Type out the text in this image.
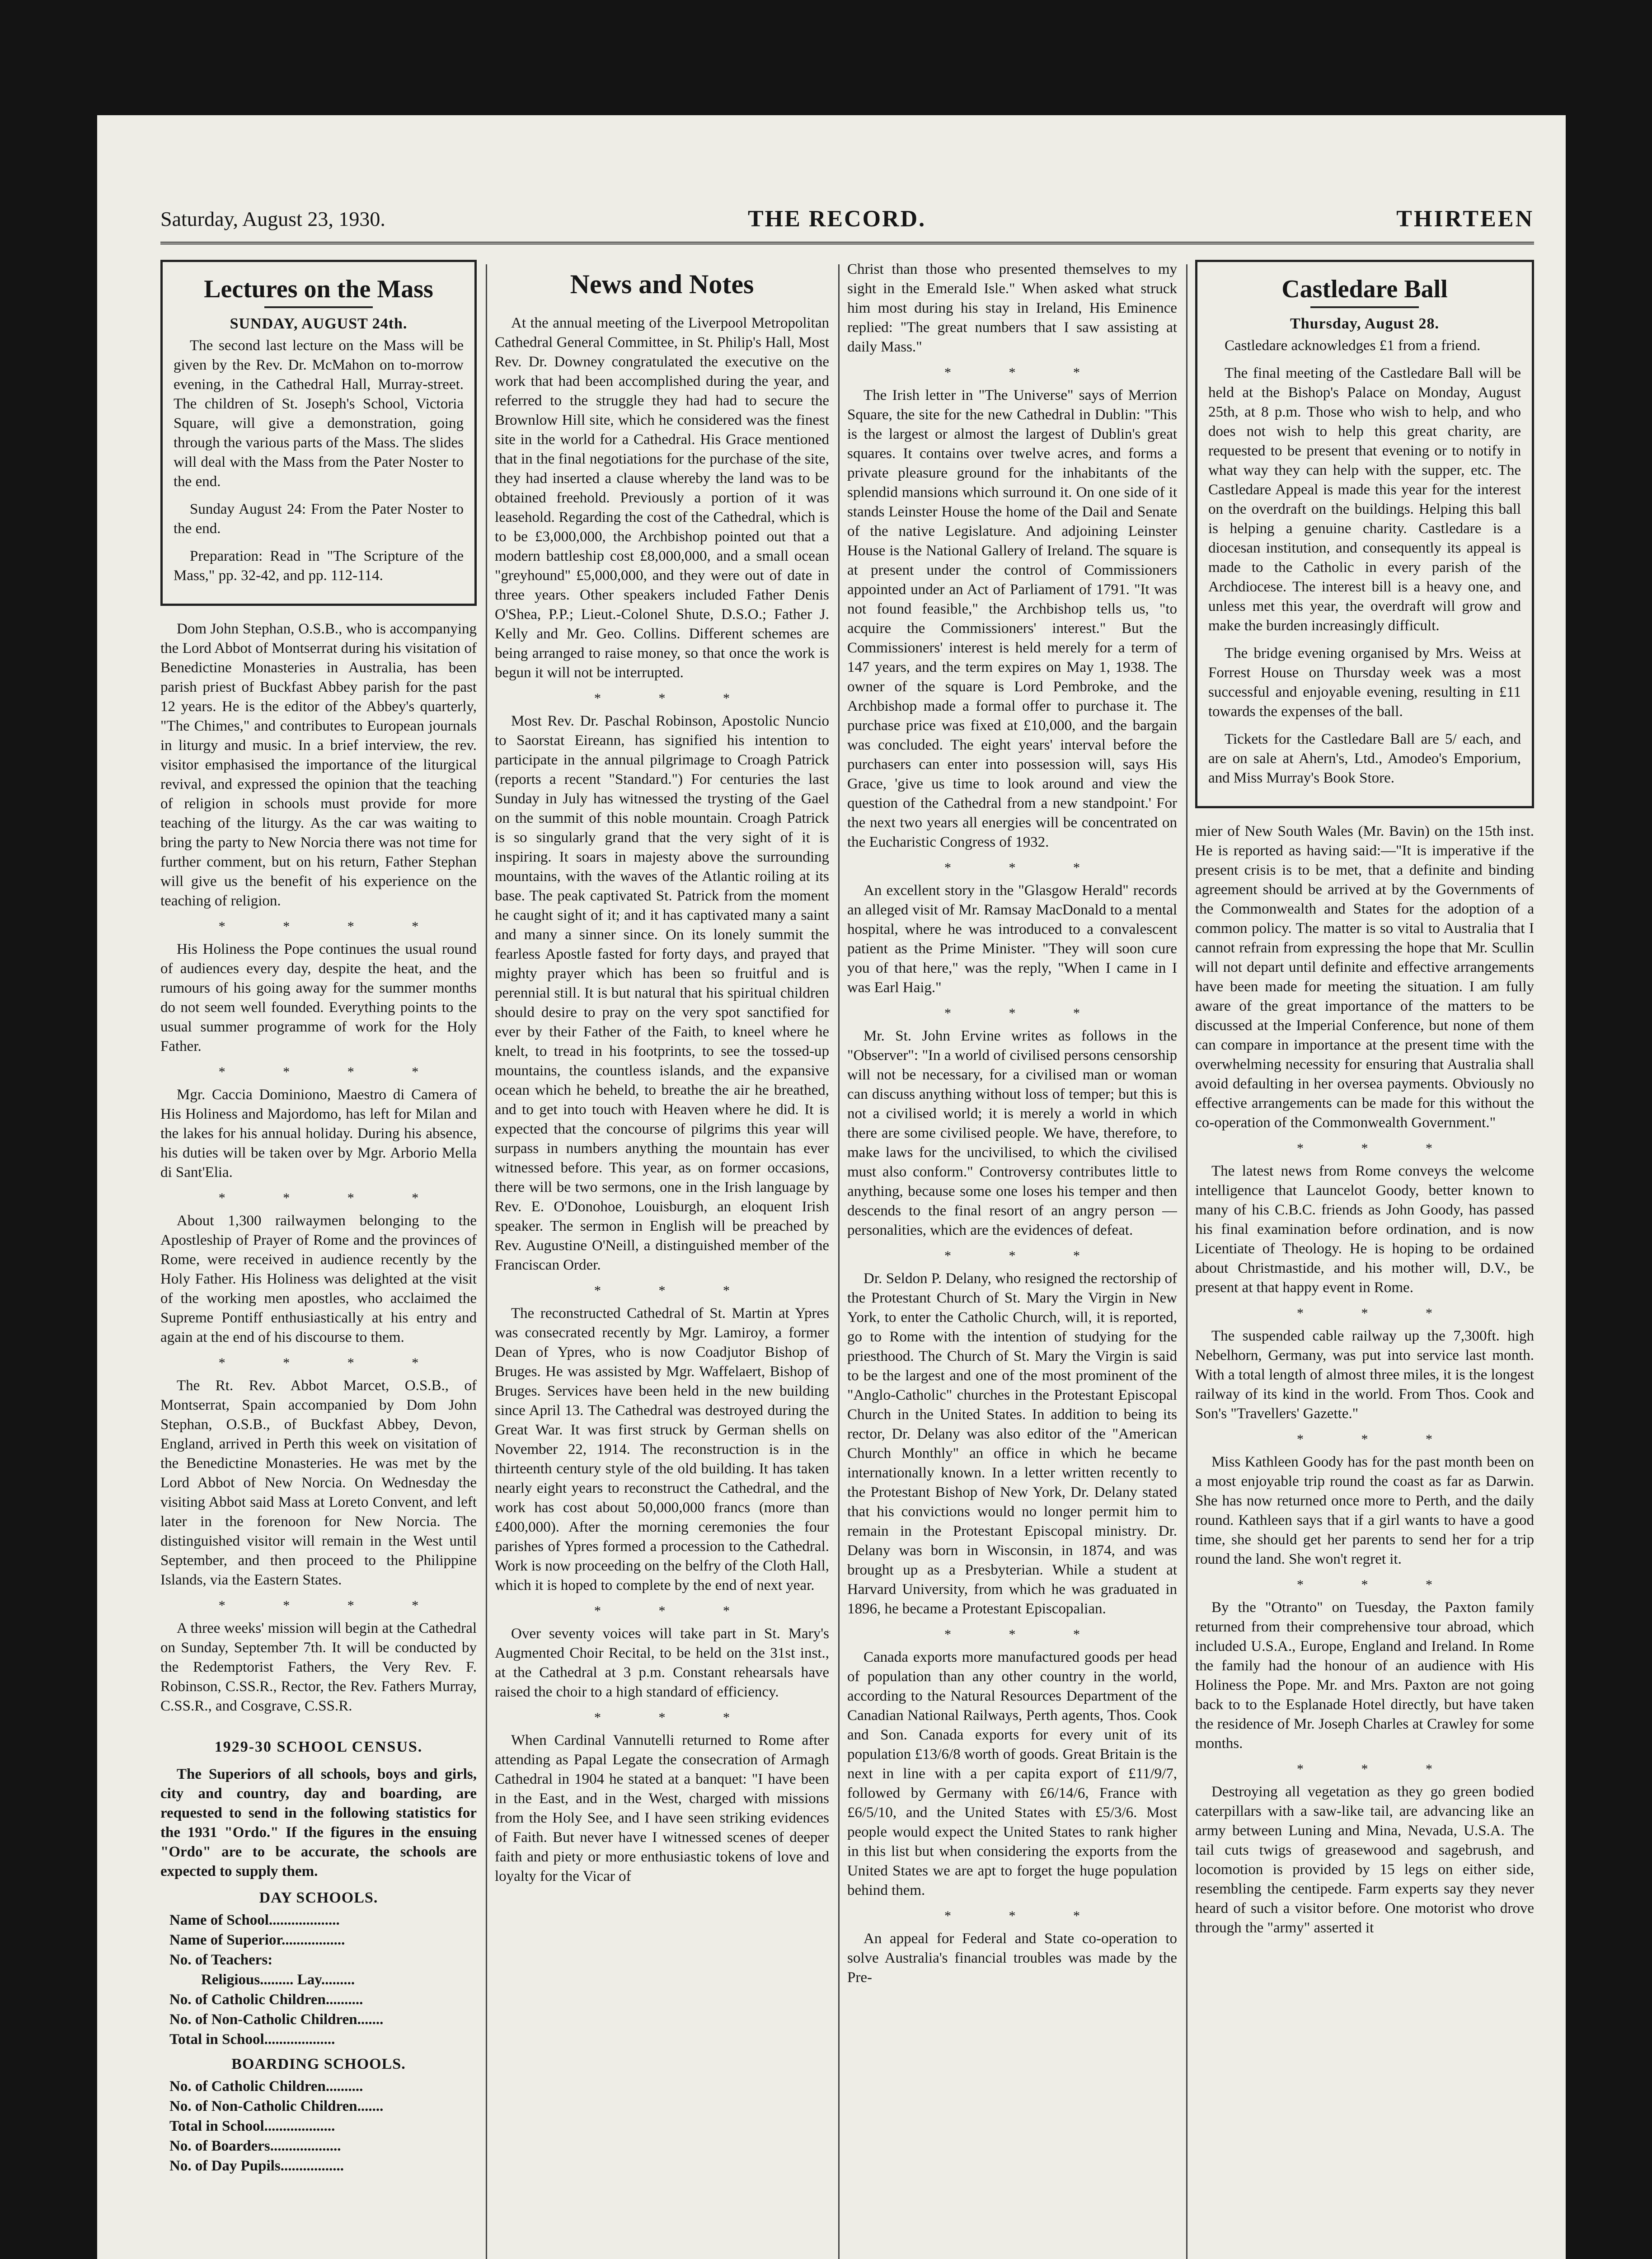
Saturday, August 23, 1930.	THE RECORD.	THIRTEEN
Lectures on the Mass
SUNDAY, AUGUST 24th.

The second last lecture on the Mass will be given by the Rev. Dr. McMahon on to-morrow evening, in the Cathedral Hall, Murray-street. The children of St. Joseph's School, Victoria Square, will give a demonstration, going through the various parts of the Mass. The slides will deal with the Mass from the Pater Noster to the end.

Sunday August 24: From the Pater Noster to the end.

Preparation: Read in "The Scripture of the Mass," pp. 32-42, and pp. 112-114.

Dom John Stephan, O.S.B., who is accompanying the Lord Abbot of Montserrat during his visitation of Benedictine Monasteries in Australia, has been parish priest of Buckfast Abbey parish for the past 12 years. He is the editor of the Abbey's quarterly, "The Chimes," and contributes to European journals in liturgy and music. In a brief interview, the rev. visitor emphasised the importance of the liturgical revival, and expressed the opinion that the teaching of religion in schools must provide for more teaching of the liturgy. As the car was waiting to bring the party to New Norcia there was not time for further comment, but on his return, Father Stephan will give us the benefit of his experience on the teaching of religion.

* * * *

His Holiness the Pope continues the usual round of audiences every day, despite the heat, and the rumours of his going away for the summer months do not seem well founded. Everything points to the usual summer programme of work for the Holy Father.

* * * *

Mgr. Caccia Dominiono, Maestro di Camera of His Holiness and Majordomo, has left for Milan and the lakes for his annual holiday. During his absence, his duties will be taken over by Mgr. Arborio Mella di Sant'Elia.

* * * *

About 1,300 railwaymen belonging to the Apostleship of Prayer of Rome and the provinces of Rome, were received in audience recently by the Holy Father. His Holiness was delighted at the visit of the working men apostles, who acclaimed the Supreme Pontiff enthusiastically at his entry and again at the end of his discourse to them.

* * * *

The Rt. Rev. Abbot Marcet, O.S.B., of Montserrat, Spain accompanied by Dom John Stephan, O.S.B., of Buckfast Abbey, Devon, England, arrived in Perth this week on visitation of the Benedictine Monasteries. He was met by the Lord Abbot of New Norcia. On Wednesday the visiting Abbot said Mass at Loreto Convent, and left later in the forenoon for New Norcia. The distinguished visitor will remain in the West until September, and then proceed to the Philippine Islands, via the Eastern States.

* * * *

A three weeks' mission will begin at the Cathedral on Sunday, September 7th. It will be conducted by the Redemptorist Fathers, the Very Rev. F. Robinson, C.SS.R., Rector, the Rev. Fathers Murray, C.SS.R., and Cosgrave, C.SS.R.

1929-30 SCHOOL CENSUS.

The Superiors of all schools, boys and girls, city and country, day and boarding, are requested to send in the following statistics for the 1931 "Ordo." If the figures in the ensuing "Ordo" are to be accurate, the schools are expected to supply them.

DAY SCHOOLS.
Name of School...................
Name of Superior.................
No. of Teachers:
Religious......... Lay.........
No. of Catholic Children..........
No. of Non-Catholic Children.......
Total in School...................
BOARDING SCHOOLS.
No. of Catholic Children..........
No. of Non-Catholic Children.......
Total in School...................
No. of Boarders...................
No. of Day Pupils.................
News and Notes

At the annual meeting of the Liverpool Metropolitan Cathedral General Committee, in St. Philip's Hall, Most Rev. Dr. Downey congratulated the executive on the work that had been accomplished during the year, and referred to the struggle they had had to secure the Brownlow Hill site, which he considered was the finest site in the world for a Cathedral. His Grace mentioned that in the final negotiations for the purchase of the site, they had inserted a clause whereby the land was to be obtained freehold. Previously a portion of it was leasehold. Regarding the cost of the Cathedral, which is to be £3,000,000, the Archbishop pointed out that a modern battleship cost £8,000,000, and a small ocean "greyhound" £5,000,000, and they were out of date in three years. Other speakers included Father Denis O'Shea, P.P.; Lieut.-Colonel Shute, D.S.O.; Father J. Kelly and Mr. Geo. Collins. Different schemes are being arranged to raise money, so that once the work is begun it will not be interrupted.

* * *

Most Rev. Dr. Paschal Robinson, Apostolic Nuncio to Saorstat Eireann, has signified his intention to participate in the annual pilgrimage to Croagh Patrick (reports a recent "Standard.") For centuries the last Sunday in July has witnessed the trysting of the Gael on the summit of this noble mountain. Croagh Patrick is so singularly grand that the very sight of it is inspiring. It soars in majesty above the surrounding mountains, with the waves of the Atlantic roiling at its base. The peak captivated St. Patrick from the moment he caught sight of it; and it has captivated many a saint and many a sinner since. On its lonely summit the fearless Apostle fasted for forty days, and prayed that mighty prayer which has been so fruitful and is perennial still. It is but natural that his spiritual children should desire to pray on the very spot sanctified for ever by their Father of the Faith, to kneel where he knelt, to tread in his footprints, to see the tossed-up mountains, the countless islands, and the expansive ocean which he beheld, to breathe the air he breathed, and to get into touch with Heaven where he did. It is expected that the concourse of pilgrims this year will surpass in numbers anything the mountain has ever witnessed before. This year, as on former occasions, there will be two sermons, one in the Irish language by Rev. E. O'Donohoe, Louisburgh, an eloquent Irish speaker. The sermon in English will be preached by Rev. Augustine O'Neill, a distinguished member of the Franciscan Order.

* * *

The reconstructed Cathedral of St. Martin at Ypres was consecrated recently by Mgr. Lamiroy, a former Dean of Ypres, who is now Coadjutor Bishop of Bruges. He was assisted by Mgr. Waffelaert, Bishop of Bruges. Services have been held in the new building since April 13. The Cathedral was destroyed during the Great War. It was first struck by German shells on November 22, 1914. The reconstruction is in the thirteenth century style of the old building. It has taken nearly eight years to reconstruct the Cathedral, and the work has cost about 50,000,000 francs (more than £400,000). After the morning ceremonies the four parishes of Ypres formed a procession to the Cathedral. Work is now proceeding on the belfry of the Cloth Hall, which it is hoped to complete by the end of next year.

* * *

Over seventy voices will take part in St. Mary's Augmented Choir Recital, to be held on the 31st inst., at the Cathedral at 3 p.m. Constant rehearsals have raised the choir to a high standard of efficiency.

* * *

When Cardinal Vannutelli returned to Rome after attending as Papal Legate the consecration of Armagh Cathedral in 1904 he stated at a banquet: "I have been in the East, and in the West, charged with missions from the Holy See, and I have seen striking evidences of Faith. But never have I witnessed scenes of deeper faith and piety or more enthusiastic tokens of love and loyalty for the Vicar of

Christ than those who presented themselves to my sight in the Emerald Isle." When asked what struck him most during his stay in Ireland, His Eminence replied: "The great numbers that I saw assisting at daily Mass."

* * *

The Irish letter in "The Universe" says of Merrion Square, the site for the new Cathedral in Dublin: "This is the largest or almost the largest of Dublin's great squares. It contains over twelve acres, and forms a private pleasure ground for the inhabitants of the splendid mansions which surround it. On one side of it stands Leinster House the home of the Dail and Senate of the native Legislature. And adjoining Leinster House is the National Gallery of Ireland. The square is at present under the control of Commissioners appointed under an Act of Parliament of 1791. "It was not found feasible," the Archbishop tells us, "to acquire the Commissioners' interest." But the Commissioners' interest is held merely for a term of 147 years, and the term expires on May 1, 1938. The owner of the square is Lord Pembroke, and the Archbishop made a formal offer to purchase it. The purchase price was fixed at £10,000, and the bargain was concluded. The eight years' interval before the purchasers can enter into possession will, says His Grace, 'give us time to look around and view the question of the Cathedral from a new standpoint.' For the next two years all energies will be concentrated on the Eucharistic Congress of 1932.

* * *

An excellent story in the "Glasgow Herald" records an alleged visit of Mr. Ramsay MacDonald to a mental hospital, where he was introduced to a convalescent patient as the Prime Minister. "They will soon cure you of that here," was the reply, "When I came in I was Earl Haig."

* * *

Mr. St. John Ervine writes as follows in the "Observer": "In a world of civilised persons censorship will not be necessary, for a civilised man or woman can discuss anything without loss of temper; but this is not a civilised world; it is merely a world in which there are some civilised people. We have, therefore, to make laws for the uncivilised, to which the civilised must also conform." Controversy contributes little to anything, because some one loses his temper and then descends to the final resort of an angry person — personalities, which are the evidences of defeat.

* * *

Dr. Seldon P. Delany, who resigned the rectorship of the Protestant Church of St. Mary the Virgin in New York, to enter the Catholic Church, will, it is reported, go to Rome with the intention of studying for the priesthood. The Church of St. Mary the Virgin is said to be the largest and one of the most prominent of the "Anglo-Catholic" churches in the Protestant Episcopal Church in the United States. In addition to being its rector, Dr. Delany was also editor of the "American Church Monthly" an office in which he became internationally known. In a letter written recently to the Protestant Bishop of New York, Dr. Delany stated that his convictions would no longer permit him to remain in the Protestant Episcopal ministry. Dr. Delany was born in Wisconsin, in 1874, and was brought up as a Presbyterian. While a student at Harvard University, from which he was graduated in 1896, he became a Protestant Episcopalian.

* * *

Canada exports more manufactured goods per head of population than any other country in the world, according to the Natural Resources Department of the Canadian National Railways, Perth agents, Thos. Cook and Son. Canada exports for every unit of its population £13/6/8 worth of goods. Great Britain is the next in line with a per capita export of £11/9/7, followed by Germany with £6/14/6, France with £6/5/10, and the United States with £5/3/6. Most people would expect the United States to rank higher in this list but when considering the exports from the United States we are apt to forget the huge population behind them.

* * *

An appeal for Federal and State co-operation to solve Australia's financial troubles was made by the Pre-

Castledare Ball
Thursday, August 28.

Castledare acknowledges £1 from a friend.

The final meeting of the Castledare Ball will be held at the Bishop's Palace on Monday, August 25th, at 8 p.m. Those who wish to help, and who does not wish to help this great charity, are requested to be present that evening or to notify in what way they can help with the supper, etc. The Castledare Appeal is made this year for the interest on the overdraft on the buildings. Helping this ball is helping a genuine charity. Castledare is a diocesan institution, and consequently its appeal is made to the Catholic in every parish of the Archdiocese. The interest bill is a heavy one, and unless met this year, the overdraft will grow and make the burden increasingly difficult.

The bridge evening organised by Mrs. Weiss at Forrest House on Thursday week was a most successful and enjoyable evening, resulting in £11 towards the expenses of the ball.

Tickets for the Castledare Ball are 5/ each, and are on sale at Ahern's, Ltd., Amodeo's Emporium, and Miss Murray's Book Store.

mier of New South Wales (Mr. Bavin) on the 15th inst. He is reported as having said:—"It is imperative if the present crisis is to be met, that a definite and binding agreement should be arrived at by the Governments of the Commonwealth and States for the adoption of a common policy. The matter is so vital to Australia that I cannot refrain from expressing the hope that Mr. Scullin will not depart until definite and effective arrangements have been made for meeting the situation. I am fully aware of the great importance of the matters to be discussed at the Imperial Conference, but none of them can compare in importance at the present time with the overwhelming necessity for ensuring that Australia shall avoid defaulting in her oversea payments. Obviously no effective arrangements can be made for this without the co-operation of the Commonwealth Government."

* * *

The latest news from Rome conveys the welcome intelligence that Launcelot Goody, better known to many of his C.B.C. friends as John Goody, has passed his final examination before ordination, and is now Licentiate of Theology. He is hoping to be ordained about Christmastide, and his mother will, D.V., be present at that happy event in Rome.

* * *

The suspended cable railway up the 7,300ft. high Nebelhorn, Germany, was put into service last month. With a total length of almost three miles, it is the longest railway of its kind in the world. From Thos. Cook and Son's "Travellers' Gazette."

* * *

Miss Kathleen Goody has for the past month been on a most enjoyable trip round the coast as far as Darwin. She has now returned once more to Perth, and the daily round. Kathleen says that if a girl wants to have a good time, she should get her parents to send her for a trip round the land. She won't regret it.

* * *

By the "Otranto" on Tuesday, the Paxton family returned from their comprehensive tour abroad, which included U.S.A., Europe, England and Ireland. In Rome the family had the honour of an audience with His Holiness the Pope. Mr. and Mrs. Paxton are not going back to to the Esplanade Hotel directly, but have taken the residence of Mr. Joseph Charles at Crawley for some months.

* * *

Destroying all vegetation as they go green bodied caterpillars with a saw-like tail, are advancing like an army between Luning and Mina, Nevada, U.S.A. The tail cuts twigs of greasewood and sagebrush, and locomotion is provided by 15 legs on either side, resembling the centipede. Farm experts say they never heard of such a visitor before. One motorist who drove through the "army" asserted it
